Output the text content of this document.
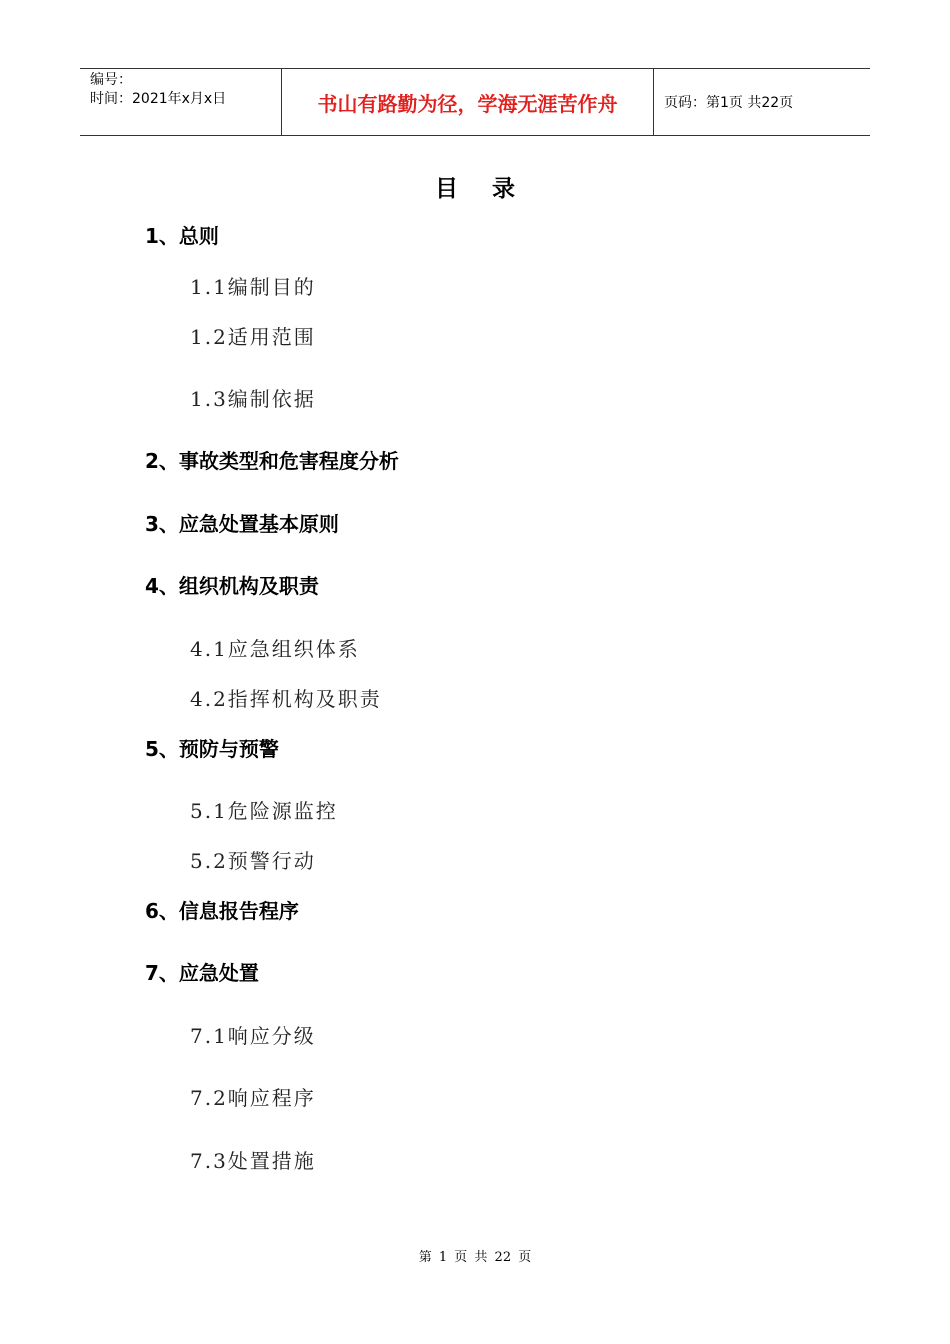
编号：
时间：2021年x月x日	书山有路勤为径，学海无涯苦作舟	页码：第1页 共22页
目录
1、总则
1.1编制目的
1.2适用范围
1.3编制依据
2、事故类型和危害程度分析
3、应急处置基本原则
4、组织机构及职责
4.1应急组织体系
4.2指挥机构及职责
5、预防与预警
5.1危险源监控
5.2预警行动
6、信息报告程序
7、应急处置
7.1响应分级
7.2响应程序
7.3处置措施
第 1 页 共 22 页
